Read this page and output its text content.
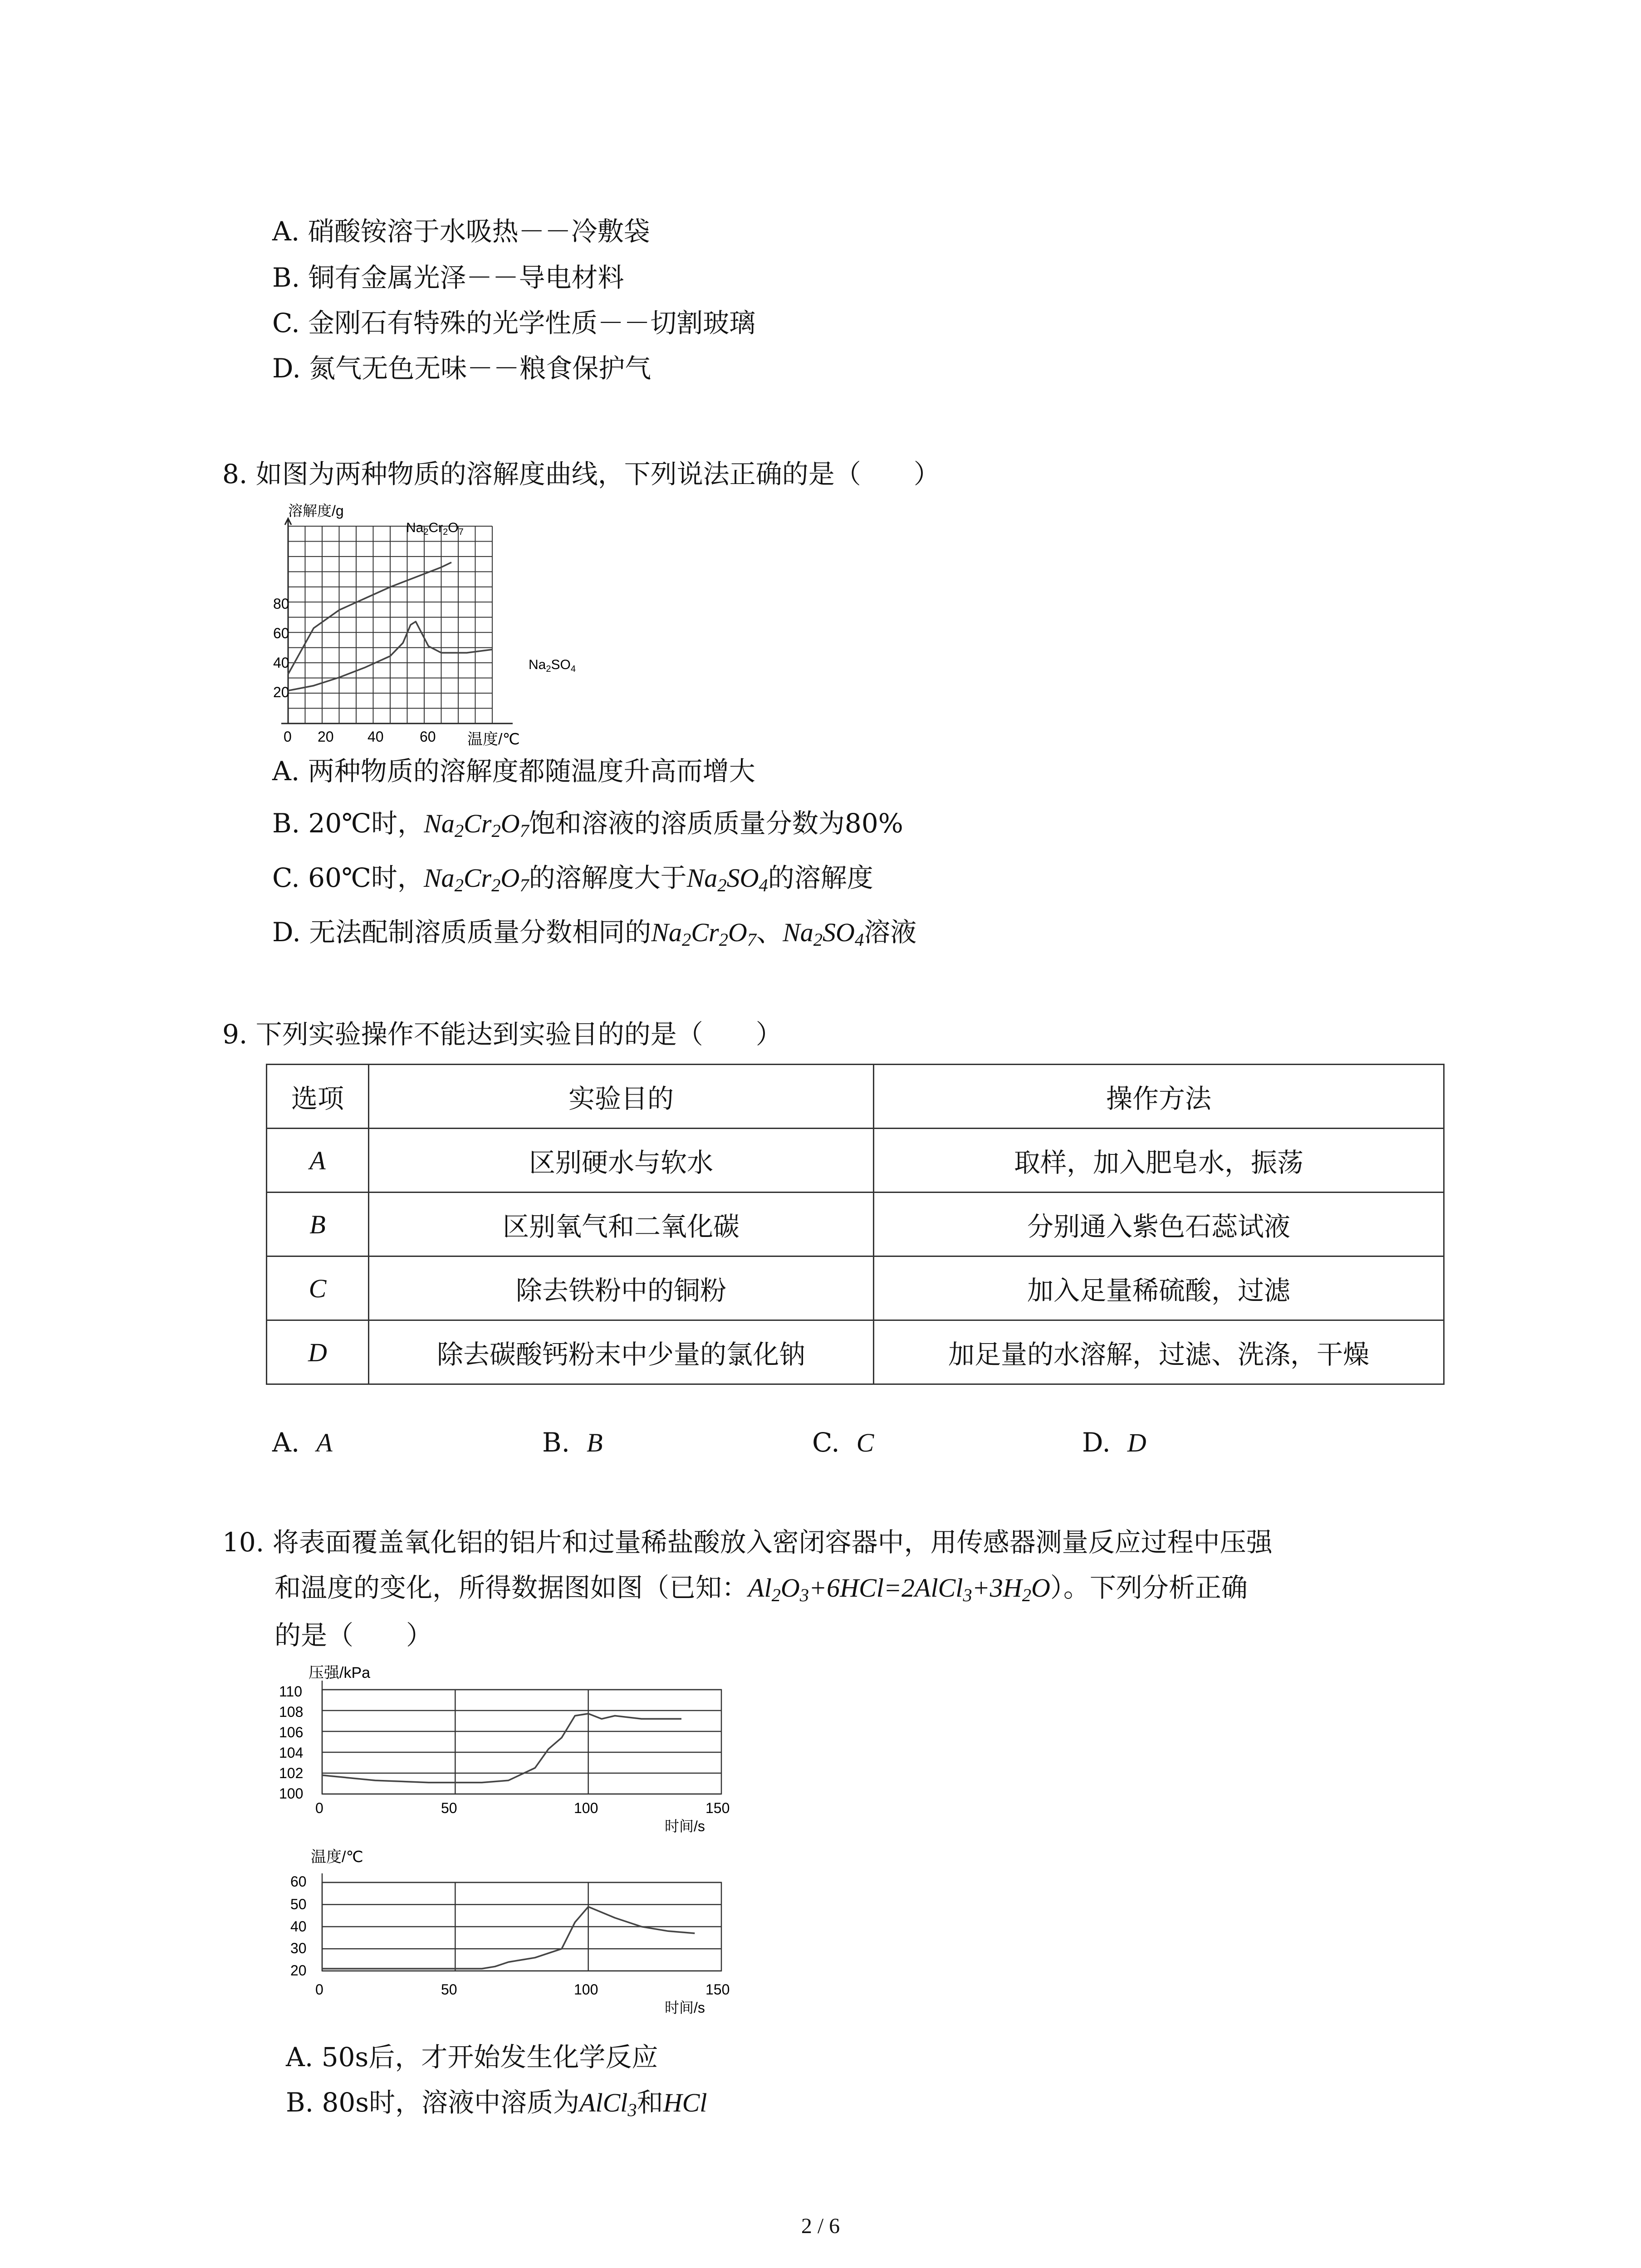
A. 硝酸铵溶于水吸热－－冷敷袋
B. 铜有金属光泽－－导电材料
C. 金刚石有特殊的光学性质－－切割玻璃
D. 氮气无色无味－－粮食保护气
8. 如图为两种物质的溶解度曲线，下列说法正确的是（　　）
溶解度/g
80
60
40
20
0 20 40 60 温度/℃
$Na_2Cr_2O_7$
$Na_2SO_4$
A. 两种物质的溶解度都随温度升高而增大
B. 20℃时，$Na_2Cr_2O_7$饱和溶液的溶质质量分数为80%
C. 60℃时，$Na_2Cr_2O_7$的溶解度大于$Na_2SO_4$的溶解度
D. 无法配制溶质质量分数相同的$Na_2Cr_2O_7$、$Na_2SO_4$溶液
9. 下列实验操作不能达到实验目的的是（　　）
选项	实验目的	操作方法
A	区别硬水与软水	取样，加入肥皂水，振荡
B	区别氧气和二氧化碳	分别通入紫色石蕊试液
C	除去铁粉中的铜粉	加入足量稀硫酸，过滤
D	除去碳酸钙粉末中少量的氯化钠	加足量的水溶解，过滤、洗涤，干燥
A. A	B. B	C. C	D. D
10. 将表面覆盖氧化铝的铝片和过量稀盐酸放入密闭容器中，用传感器测量反应过程中压强
和温度的变化，所得数据图如图（已知：$Al_2O_3+6HCl=2AlCl_3+3H_2O$）。下列分析正确
的是（　　）
压强/kPa
100
102
104
106
108
110
0	50	100	150
时间/s
温度/℃
20
30
40
50
60
0	50	100	150
时间/s
A. 50s后，才开始发生化学反应
B. 80s时，溶液中溶质为AlCl$_3$和HCl
2 / 6
